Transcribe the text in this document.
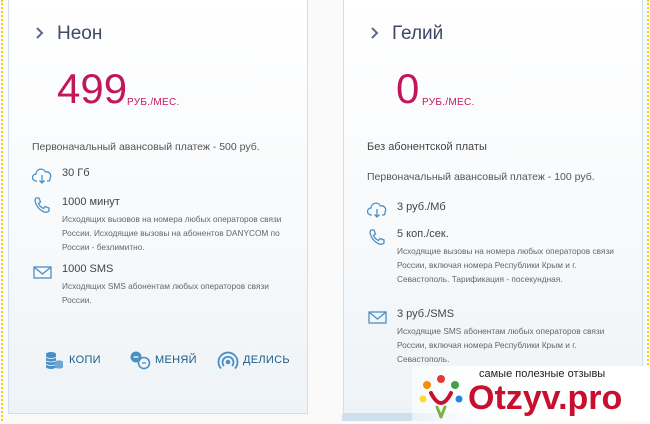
Неон
499 РУБ./МЕС.
Первоначальный авансовый платеж - 500 руб.
30 Гб
1000 минут
Исходящих вызовов на номера любых операторов связи России. Исходящие вызовы на абонентов DANYCOM по России - безлимитно.
1000 SMS
Исходящих SMS абонентам любых операторов связи России.
КОПИ	МЕНЯЙ	ДЕЛИСЬ
Гелий
0 РУБ./МЕС.
Без абонентской платы
Первоначальный авансовый платеж - 100 руб.
3 руб./Мб
5 коп./сек.
Исходящие вызовы на номера любых операторов связи России, включая номера Республики Крым и г. Севастополь. Тарификация - посекундная.
3 руб./SMS
Исходящие SMS абонентам любых операторов связи России, включая номера Республики Крым и г. Севастополь.
самые полезные отзывы
Otzyv.pro
